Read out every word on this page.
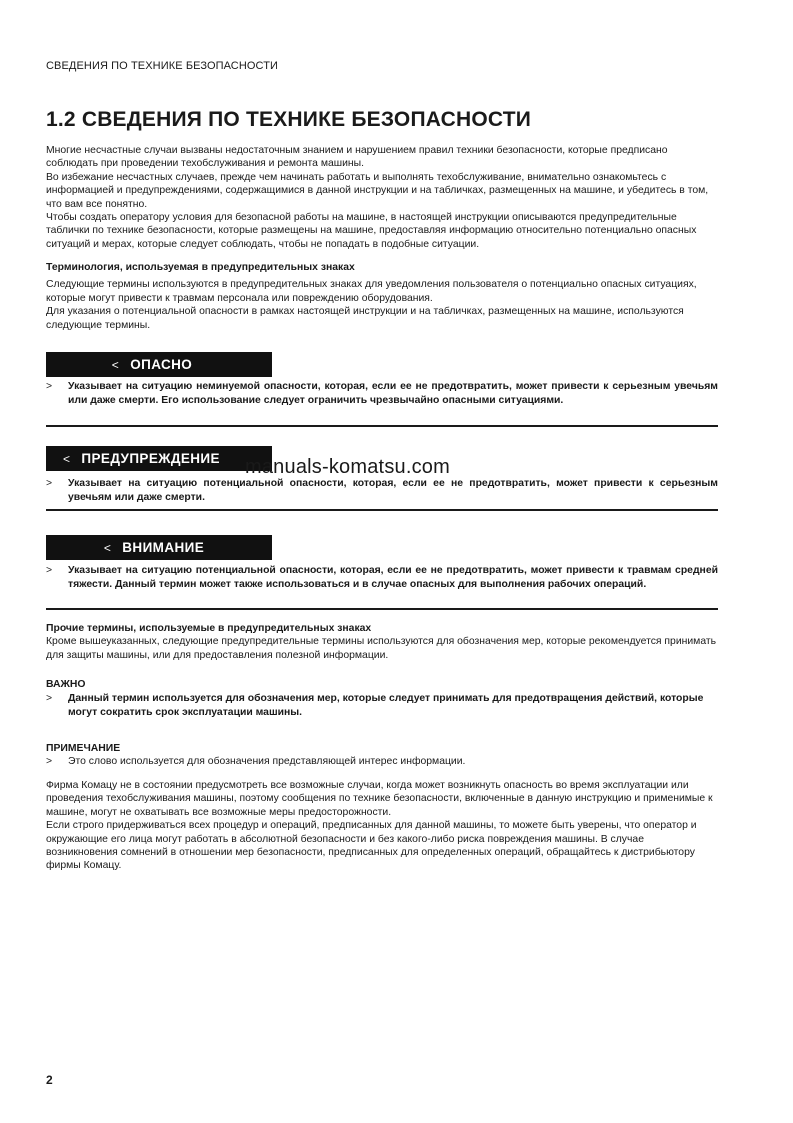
СВЕДЕНИЯ ПО ТЕХНИКЕ БЕЗОПАСНОСТИ
1.2 СВЕДЕНИЯ ПО ТЕХНИКЕ БЕЗОПАСНОСТИ

Многие несчастные случаи вызваны недостаточным знанием и нарушением правил техники безопасности, которые предписано соблюдать при проведении техобслуживания и ремонта машины.

Во избежание несчастных случаев, прежде чем начинать работать и выполнять техобслуживание, внимательно ознакомьтесь с информацией и предупреждениями, содержащимися в данной инструкции и на табличках, размещенных на машине, и убедитесь в том, что вам все понятно.

Чтобы создать оператору условия для безопасной работы на машине, в настоящей инструкции описываются предупредительные таблички по технике безопасности, которые размещены на машине, предоставляя информацию относительно потенциально опасных ситуаций и мерах, которые следует соблюдать, чтобы не попадать в подобные ситуации.

Терминология, используемая в предупредительных знаках

Следующие термины используются в предупредительных знаках для уведомления пользователя о потенциально опасных ситуациях, которые могут привести к травмам персонала или повреждению оборудования.

Для указания о потенциальной опасности в рамках настоящей инструкции и на табличках, размещенных на машине, используются следующие термины.

< ОПАСНО
>	Указывает на ситуацию неминуемой опасности, которая, если ее не предотвратить, может привести к серьезным увечьям или даже смерти. Его использование следует ограничить чрезвычайно опасными ситуациями.
< ПРЕДУПРЕЖДЕНИЕ
>	Указывает на ситуацию потенциальной опасности, которая, если ее не предотвратить, может привести к серьезным увечьям или даже смерти.
< ВНИМАНИЕ
>	Указывает на ситуацию потенциальной опасности, которая, если ее не предотвратить, может привести к травмам средней тяжести. Данный термин может также использоваться и в случае опасных для выполнения рабочих операций.
Прочие термины, используемые в предупредительных знаках

Кроме вышеуказанных, следующие предупредительные термины используются для обозначения мер, которые рекомендуется принимать для защиты машины, или для предоставления полезной информации.

ВАЖНО
>	Данный термин используется для обозначения мер, которые следует принимать для предотвращения действий, которые могут сократить срок эксплуатации машины.
ПРИМЕЧАНИЕ
>	Это слово используется для обозначения представляющей интерес информации.

Фирма Комацу не в состоянии предусмотреть все возможные случаи, когда может возникнуть опасность во время эксплуатации или проведения техобслуживания машины, поэтому сообщения по технике безопасности, включенные в данную инструкцию и применимые к машине, могут не охватывать все возможные меры предосторожности.

Если строго придерживаться всех процедур и операций, предписанных для данной машины, то можете быть уверены, что оператор и окружающие его лица могут работать в абсолютной безопасности и без какого-либо риска повреждения машины. В случае возникновения сомнений в отношении мер безопасности, предписанных для определенных операций, обращайтесь к дистрибьютору фирмы Комацу.

manuals-komatsu.com
2
